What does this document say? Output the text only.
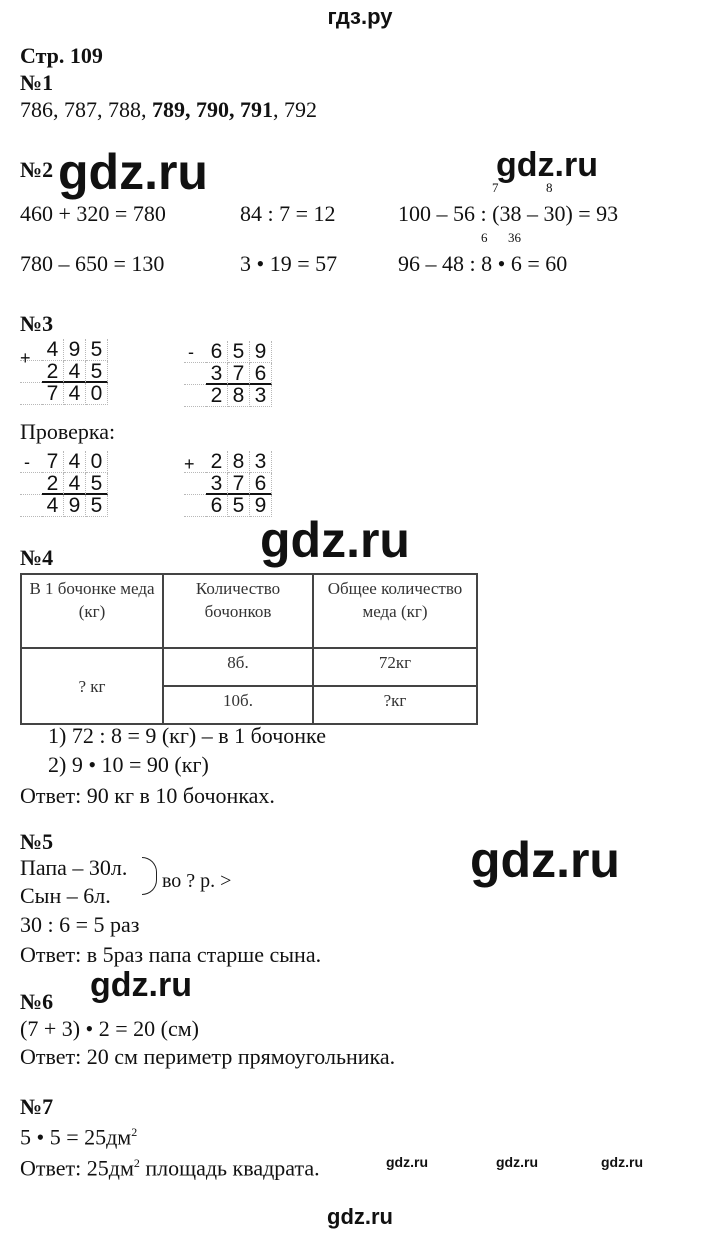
гдз.ру
Стр. 109
№1
786, 787, 788, 789, 790, 791, 792
№2 gdz.ru	gdz.ru
7	8
460 + 320 = 780	84 : 7 = 12	100 – 56 : (38 – 30) = 93
6 36
780 – 650 = 130	3 • 19 = 57	96 – 48 : 8 • 6 = 60
№3
+ 4 9 5
2 4 5
7 4 0
- 6 5 9
3 7 6
2 8 3
Проверка:
- 7 4 0
2 4 5
4 9 5
+ 2 8 3
3 7 6
6 5 9
gdz.ru
№4
В 1 бочонке меда (кг)	Количество бочонков	Общее количество меда (кг)
? кг	8б.	72кг
	10б.	?кг
1) 72 : 8 = 9 (кг) – в 1 бочонке
2) 9 • 10 = 90 (кг)
Ответ: 90 кг в 10 бочонках.
№5	gdz.ru
Папа – 30л.
во ? р. >
Сын – 6л.
30 : 6 = 5 раз
Ответ: в 5раз папа старше сына.
gdz.ru
№6
(7 + 3) • 2 = 20 (см)
Ответ: 20 см периметр прямоугольника.
№7
5 • $5 = 25дм^2$
Ответ: $25дм^2$ площадь квадрата.	gdz.ru	gdz.ru	gdz.ru
gdz.ru
